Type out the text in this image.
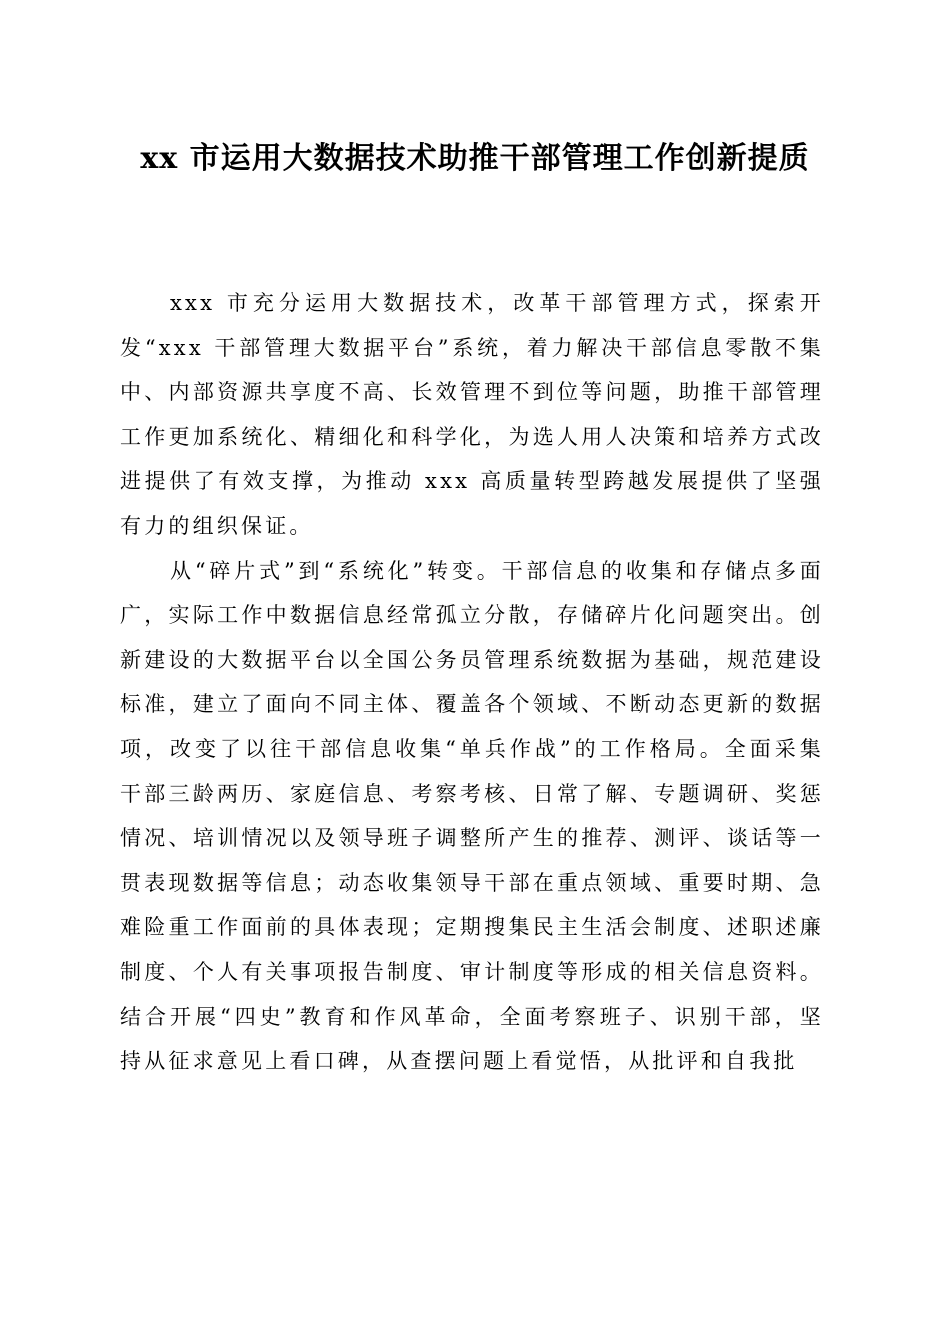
xx 市运用大数据技术助推干部管理工作创新提质

xxx 市充分运用大数据技术，改革干部管理方式，探索开发“xxx 干部管理大数据平台”系统，着力解决干部信息零散不集中、内部资源共享度不高、长效管理不到位等问题，助推干部管理工作更加系统化、精细化和科学化，为选人用人决策和培养方式改进提供了有效支撑，为推动 xxx 高质量转型跨越发展提供了坚强有力的组织保证。

从“碎片式”到“系统化”转变。干部信息的收集和存储点多面广，实际工作中数据信息经常孤立分散，存储碎片化问题突出。创新建设的大数据平台以全国公务员管理系统数据为基础，规范建设标准，建立了面向不同主体、覆盖各个领域、不断动态更新的数据项，改变了以往干部信息收集“单兵作战”的工作格局。全面采集干部三龄两历、家庭信息、考察考核、日常了解、专题调研、奖惩情况、培训情况以及领导班子调整所产生的推荐、测评、谈话等一贯表现数据等信息；动态收集领导干部在重点领域、重要时期、急难险重工作面前的具体表现；定期搜集民主生活会制度、述职述廉制度、个人有关事项报告制度、审计制度等形成的相关信息资料。结合开展“四史”教育和作风革命，全面考察班子、识别干部，坚持从征求意见上看口碑，从查摆问题上看觉悟，从批评和自我批
